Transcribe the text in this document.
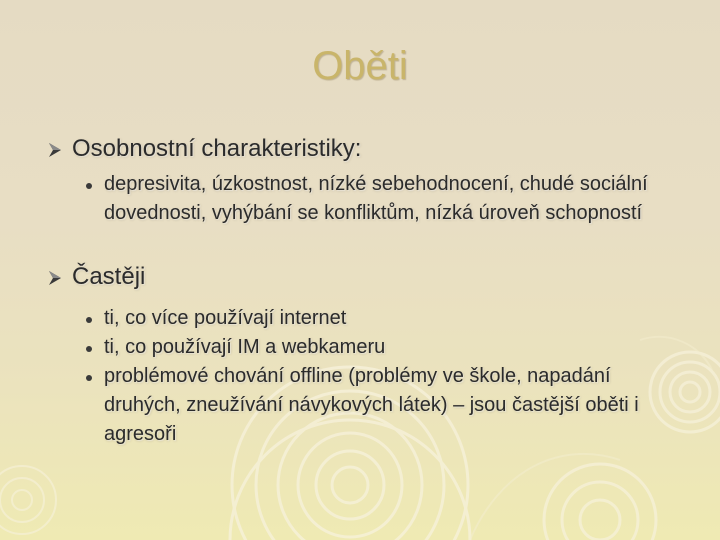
Oběti
Osobnostní charakteristiky:
depresivita, úzkostnost, nízké sebehodnocení, chudé sociální dovednosti, vyhýbání se konfliktům, nízká úroveň schopností
Častěji
ti, co více používají internet
ti, co používají IM a webkameru
problémové chování offline (problémy ve škole, napadání druhých, zneužívání návykových látek) – jsou častější oběti i agresoři
